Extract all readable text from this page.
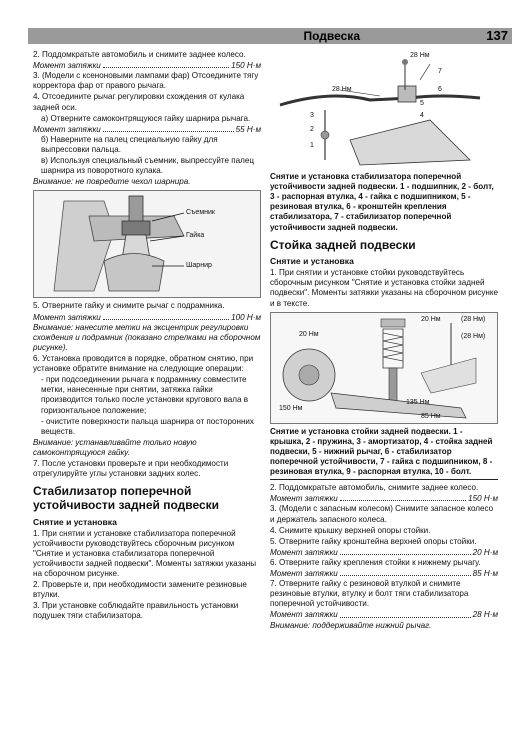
Подвеска	137

2. Поддомкратьте автомобиль и снимите заднее колесо.

Момент затяжки	150 Н·м

3. (Модели с ксеноновыми лампами фар) Отсоедините тягу корректора фар от правого рычага.

4. Отсоедините рычаг регулировки схождения от кулака задней оси.

а) Отверните самоконтрящуюся гайку шарнира рычага.

Момент затяжки	55 Н·м

б) Наверните на палец специальную гайку для выпрессовки пальца.

в) Используя специальный съемник, выпрессуйте палец шарнира из поворотного кулака.

Внимание: не повредите чехол шарнира.

Съемник
Гайка
Шарнир

5. Отверните гайку и снимите рычаг с подрамника.

Момент затяжки	100 Н·м

Внимание: нанесите метки на эксцентрик регулировки схождения и подрамник (показано стрелками на сборочном рисунке).

6. Установка проводится в порядке, обратном снятию, при установке обратите внимание на следующие операции:

- при подсоединении рычага к подрамнику совместите метки, нанесенные при снятии, затяжка гайки производится только после установки кругового вала в горизонтальное положение;

- очистите поверхности пальца шарнира от посторонних веществ.

Внимание: устанавливайте только новую самоконтрящуюся гайку.

7. После установки проверьте и при необходимости отрегулируйте углы установки задних колес.

Стабилизатор поперечной устойчивости задней подвески
Снятие и установка

1. При снятии и установке стабилизатора поперечной устойчивости руководствуйтесь сборочным рисунком "Снятие и установка стабилизатора поперечной устойчивости задней подвески". Моменты затяжки указаны на сборочном рисунке.

2. Проверьте и, при необходимости замените резиновые втулки.

3. При установке соблюдайте правильность установки подушек тяги стабилизатора.

28 Нм
28 Нм
7
6
5
4
2
3
1

Снятие и установка стабилизатора поперечной устойчивости задней подвески. 1 - подшипник, 2 - болт, 3 - распорная втулка, 4 - гайка с подшипником, 5 - резиновая втулка, 6 - кронштейн крепления стабилизатора, 7 - стабилизатор поперечной устойчивости задней подвески.

Стойка задней подвески
Снятие и установка

1. При снятии и установке стойки руководствуйтесь сборочным рисунком "Снятие и установка стойки задней подвески". Моменты затяжки указаны на сборочном рисунке и в тексте.

20 Нм
20 Нм
(28 Нм)
(28 Нм)
135 Нм
85 Нм
150 Нм

Снятие и установка стойки задней подвески. 1 - крышка, 2 - пружина, 3 - амортизатор, 4 - стойка задней подвески, 5 - нижний рычаг, 6 - стабилизатор поперечной устойчивости, 7 - гайка с подшипником, 8 - резиновая втулка, 9 - распорная втулка, 10 - болт.

2. Поддомкратьте автомобиль, снимите заднее колесо.

Момент затяжки	150 Н·м

3. (Модели с запасным колесом) Снимите запасное колесо и держатель запасного колеса.

4. Снимите крышку верхней опоры стойки.

5. Отверните гайку кронштейна верхней опоры стойки.

Момент затяжки	20 Н·м

6. Отверните гайку крепления стойки к нижнему рычагу.

Момент затяжки	85 Н·м

7. Отверните гайку с резиновой втулкой и снимите резиновые втулки, втулку и болт тяги стабилизатора поперечной устойчивости.

Момент затяжки	28 Н·м

Внимание: поддерживайте нижний рычаг.
